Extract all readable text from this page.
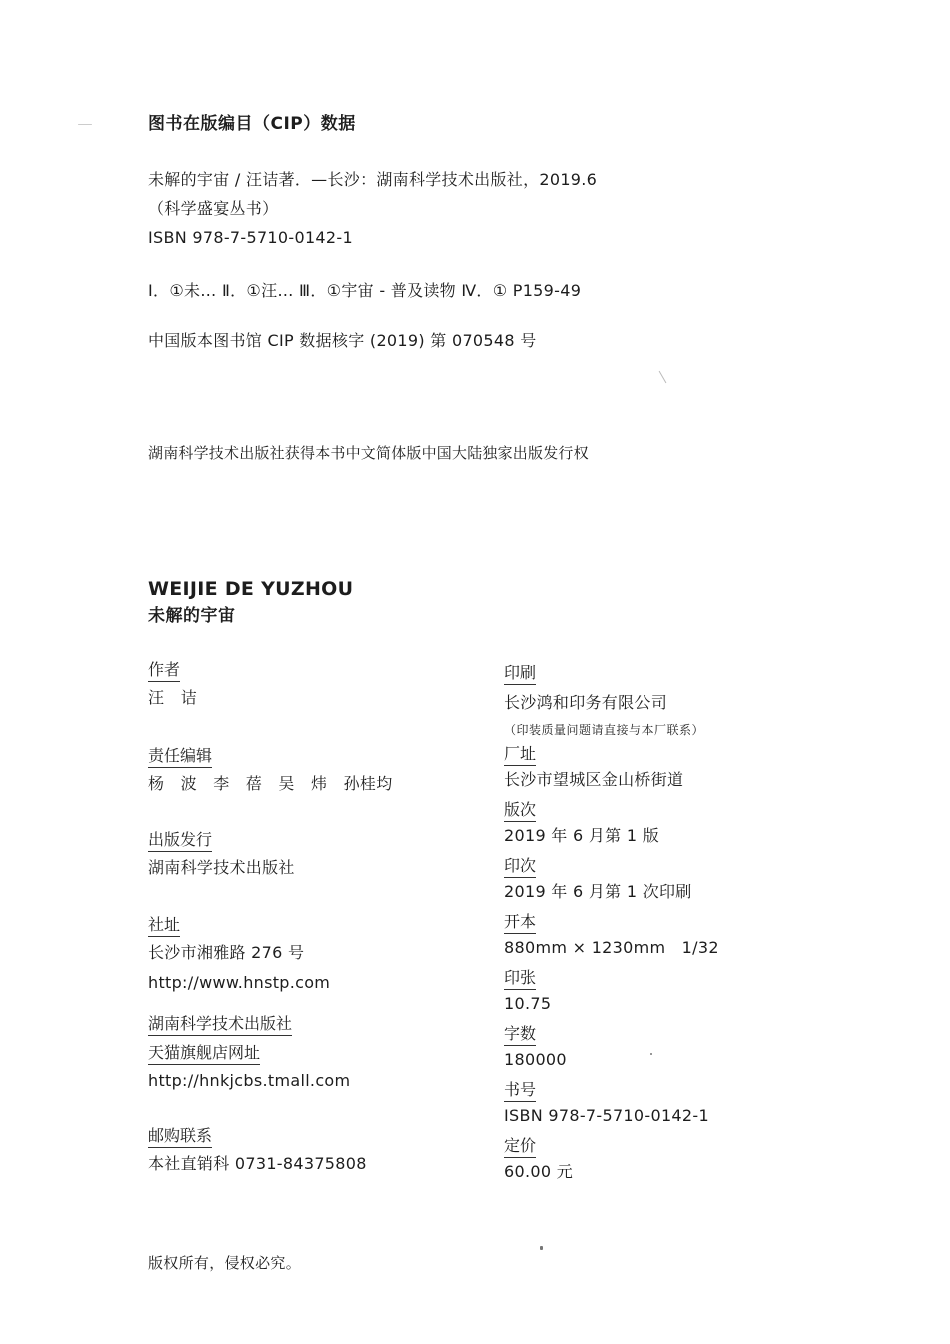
图书在版编目（CIP）数据
未解的宇宙 / 汪诘著．—长沙：湖南科学技术出版社，2019.6
（科学盛宴丛书）
ISBN 978-7-5710-0142-1
Ⅰ．①未… Ⅱ．①汪… Ⅲ．①宇宙 - 普及读物 Ⅳ．① P159-49
中国版本图书馆 CIP 数据核字 (2019) 第 070548 号
湖南科学技术出版社获得本书中文简体版中国大陆独家出版发行权
WEIJIE DE YUZHOU
未解的宇宙
作者
汪　诘
责任编辑
杨　波　李　蓓　吴　炜　孙桂均
出版发行
湖南科学技术出版社
社址
长沙市湘雅路 276 号
http://www.hnstp.com
湖南科学技术出版社
天猫旗舰店网址
http://hnkjcbs.tmall.com
邮购联系
本社直销科 0731-84375808
印刷
长沙鸿和印务有限公司
（印装质量问题请直接与本厂联系）
厂址
长沙市望城区金山桥街道
版次
2019 年 6 月第 1 版
印次
2019 年 6 月第 1 次印刷
开本
880mm × 1230mm　1/32
印张
10.75
字数
180000
书号
ISBN 978-7-5710-0142-1
定价
60.00 元
版权所有，侵权必究。
